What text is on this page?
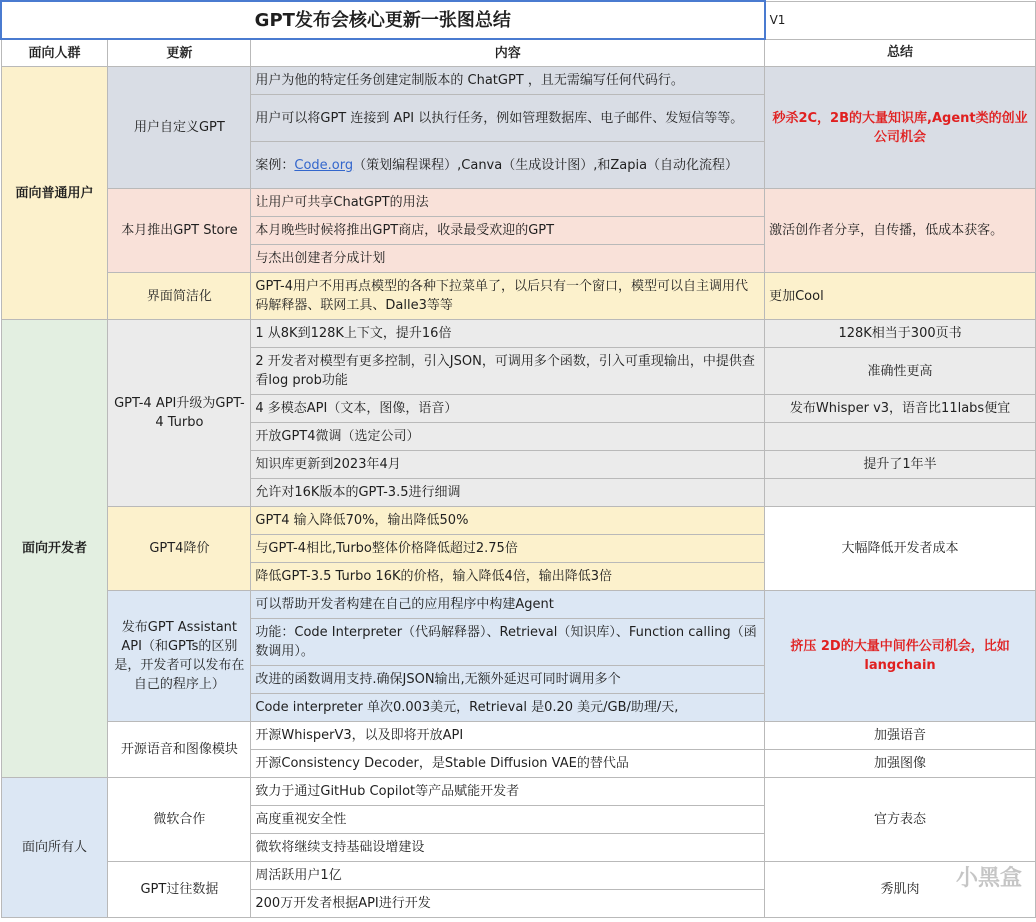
GPT发布会核心更新一张图总结			V1
面向人群	更新	内容	总结
面向普通用户	用户自定义GPT	用户为他的特定任务创建定制版本的 ChatGPT ，且无需编写任何代码行。	秒杀2C，2B的大量知识库,Agent类的创业公司机会
		用户可以将GPT 连接到 API 以执行任务，例如管理数据库、电子邮件、发短信等等。	
		案例：Code.org（策划编程课程）,Canva（生成设计图）,和Zapia（自动化流程）	
	本月推出GPT Store	让用户可共享ChatGPT的用法	激活创作者分享，自传播，低成本获客。
		本月晚些时候将推出GPT商店，收录最受欢迎的GPT	
		与杰出创建者分成计划	
	界面简洁化	GPT-4用户不用再点模型的各种下拉菜单了，以后只有一个窗口，模型可以自主调用代码解释器、联网工具、Dalle3等等	更加Cool
面向开发者	GPT-4 API升级为GPT-4 Turbo	1 从8K到128K上下文，提升16倍	128K相当于300页书
		2 开发者对模型有更多控制，引入JSON，可调用多个函数，引入可重现输出，中提供查看log prob功能	准确性更高
		4 多模态API（文本，图像，语音）	发布Whisper v3，语音比11labs便宜
		开放GPT4微调（选定公司）	
		知识库更新到2023年4月	提升了1年半
		允许对16K版本的GPT-3.5进行细调	
	GPT4降价	GPT4 输入降低70%，输出降低50%	大幅降低开发者成本
		与GPT-4相比,Turbo整体价格降低超过2.75倍	
		降低GPT-3.5 Turbo 16K的价格，输入降低4倍，输出降低3倍	
	发布GPT Assistant API（和GPTs的区别是，开发者可以发布在自己的程序上）	可以帮助开发者构建在自己的应用程序中构建Agent	挤压 2D的大量中间件公司机会，比如langchain
		功能：Code Interpreter（代码解释器）、Retrieval（知识库）、Function calling（函数调用）。	
		改进的函数调用支持.确保JSON输出,无额外延迟可同时调用多个	
		Code interpreter 单次0.003美元，Retrieval 是0.20 美元/GB/助理/天,	
	开源语音和图像模块	开源WhisperV3，以及即将开放API	加强语音
		开源Consistency Decoder，是Stable Diffusion VAE的替代品	加强图像
面向所有人	微软合作	致力于通过GitHub Copilot等产品赋能开发者	官方表态
		高度重视安全性	
		微软将继续支持基础设增建设	
	GPT过往数据	周活跃用户1亿	秀肌肉
		200万开发者根据API进行开发	
小黑盒
